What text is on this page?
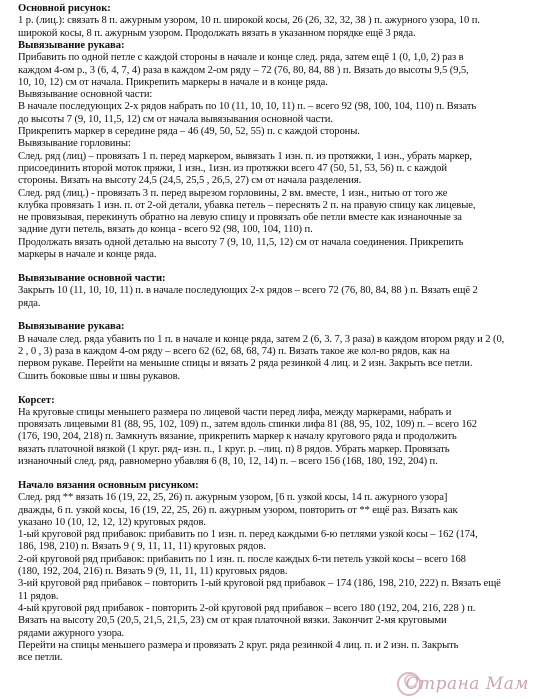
Основной рисунок:
1 р. (лиц.): связать 8 п. ажурным узором, 10 п. широкой косы, 26 (26, 32, 32, 38 ) п. ажурного узора, 10 п.
широкой косы, 8 п. ажурным узором. Продолжать вязать в указанном порядке ещё 3 ряда.
Вывязывание рукава:
Прибавить по одной петле с каждой стороны в начале и конце след. ряда, затем ещё 1 (0, 1,0, 2) раз в
каждом 4-ом р., 3 (6, 4, 7, 4) раза в каждом 2-ом ряду – 72 (76, 80, 84, 88 ) п. Вязать до высоты 9,5 (9,5,
10, 10, 12) см от начала. Прикрепить маркеры в начале и в конце ряда.
Вывязывание основной части:
В начале последующих 2-х рядов набрать по 10 (11, 10, 10, 11) п. – всего 92 (98, 100, 104, 110) п. Вязать
до высоты 7 (9, 10, 11,5, 12) см от начала вывязывания основной части.
Прикрепить маркер в середине ряда – 46 (49, 50, 52, 55) п. с каждой стороны.
Вывязывание горловины:
След. ряд (лиц) – провязать 1 п. перед маркером, вывязать 1 изн. п. из протяжки, 1 изн., убрать маркер,
присоединить второй моток пряжи, 1 изн., 1изн. из протяжки всего 47 (50, 51, 53, 56) п. с каждой
стороны. Вязать на высоту 24,5 (24,5, 25,5 , 26,5, 27) см от начала разделения.
След. ряд (лиц.) - провязать 3 п. перед вырезом горловины, 2 вм. вместе, 1 изн., нитью от того же
клубка провязать 1 изн. п. от 2-ой детали, убавка петель – переснять 2 п. на правую спицу как лицевые,
не провязывая, перекинуть обратно на левую спицу и провязать обе петли вместе как изнаночные за
задние дуги петель, вязать до конца - всего 92 (98, 100, 104, 110) п.
Продолжать вязать одной деталью на высоту 7 (9, 10, 11,5, 12) см от начала соединения. Прикрепить
маркеры в начале и конце ряда.
Вывязывание основной части:
Закрыть 10 (11, 10, 10, 11) п. в начале последующих 2-х рядов – всего 72 (76, 80, 84, 88 ) п. Вязать ещё 2
ряда.
Вывязывание рукава:
В начале след. ряда убавить по 1 п. в начале и конце ряда, затем 2 (6, 3. 7, 3 раза) в каждом втором ряду и 2 (0,
2 , 0 , 3) раза в каждом 4-ом ряду – всего 62 (62, 68, 68, 74) п. Вязать такое же кол-во рядов, как на
первом рукаве. Перейти на меньшие спицы и вязать 2 ряда резинкой 4 лиц. и 2 изн. Закрыть все петли.
Сшить боковые швы и швы рукавов.
Корсет:
На круговые спицы меньшего размера по лицевой части перед лифа, между маркерами, набрать и
провязать лицевыми 81 (88, 95, 102, 109) п., затем вдоль спинки лифа 81 (88, 95, 102, 109) п. – всего 162
(176, 190, 204, 218) п. Замкнуть вязание, прикрепить маркер к началу кругового ряда и продолжить
вязать платочной вязкой (1 круг. ряд- изн. п., 1 круг. р. –лиц. п) 8 рядов. Убрать маркер. Провязать
изнаночный след. ряд, равномерно убавляя 6 (8, 10, 12, 14) п. – всего 156 (168, 180, 192, 204) п.
Начало вязания основным рисунком:
След. ряд ** вязать 16 (19, 22, 25, 26) п. ажурным узором, [6 п. узкой косы, 14 п. ажурного узора]
дважды, 6 п. узкой косы, 16 (19, 22, 25, 26) п. ажурным узором, повторить от ** ещё раз. Вязать как
указано 10 (10, 12, 12, 12) круговых рядов.
1-ый круговой ряд прибавок: прибавить по 1 изн. п. перед каждыми 6-ю петлями узкой косы – 162 (174,
186, 198, 210) п. Вязать 9 ( 9, 11, 11, 11) круговых рядов.
2-ой круговой ряд прибавок: прибавить по 1 изн. п. после каждых 6-ти петель узкой косы – всего 168
(180, 192, 204, 216) п. Вязать 9 (9, 11, 11, 11) круговых рядов.
3-ий круговой ряд прибавок – повторить 1-ый круговой ряд прибавок – 174 (186, 198, 210, 222) п. Вязать ещё
11 рядов.
4-ый круговой ряд прибавок - повторить 2-ой круговой ряд прибавок – всего 180 (192, 204, 216, 228 ) п.
Вязать на высоту 20,5 (20,5, 21,5, 21,5, 23) см от края платочной вязки. Закончит 2-мя круговыми
рядами ажурного узора.
Перейти на спицы меньшего размера и провязать 2 круг. ряда резинкой 4 лиц. п. и 2 изн. п. Закрыть
все петли.
Страна Мам
